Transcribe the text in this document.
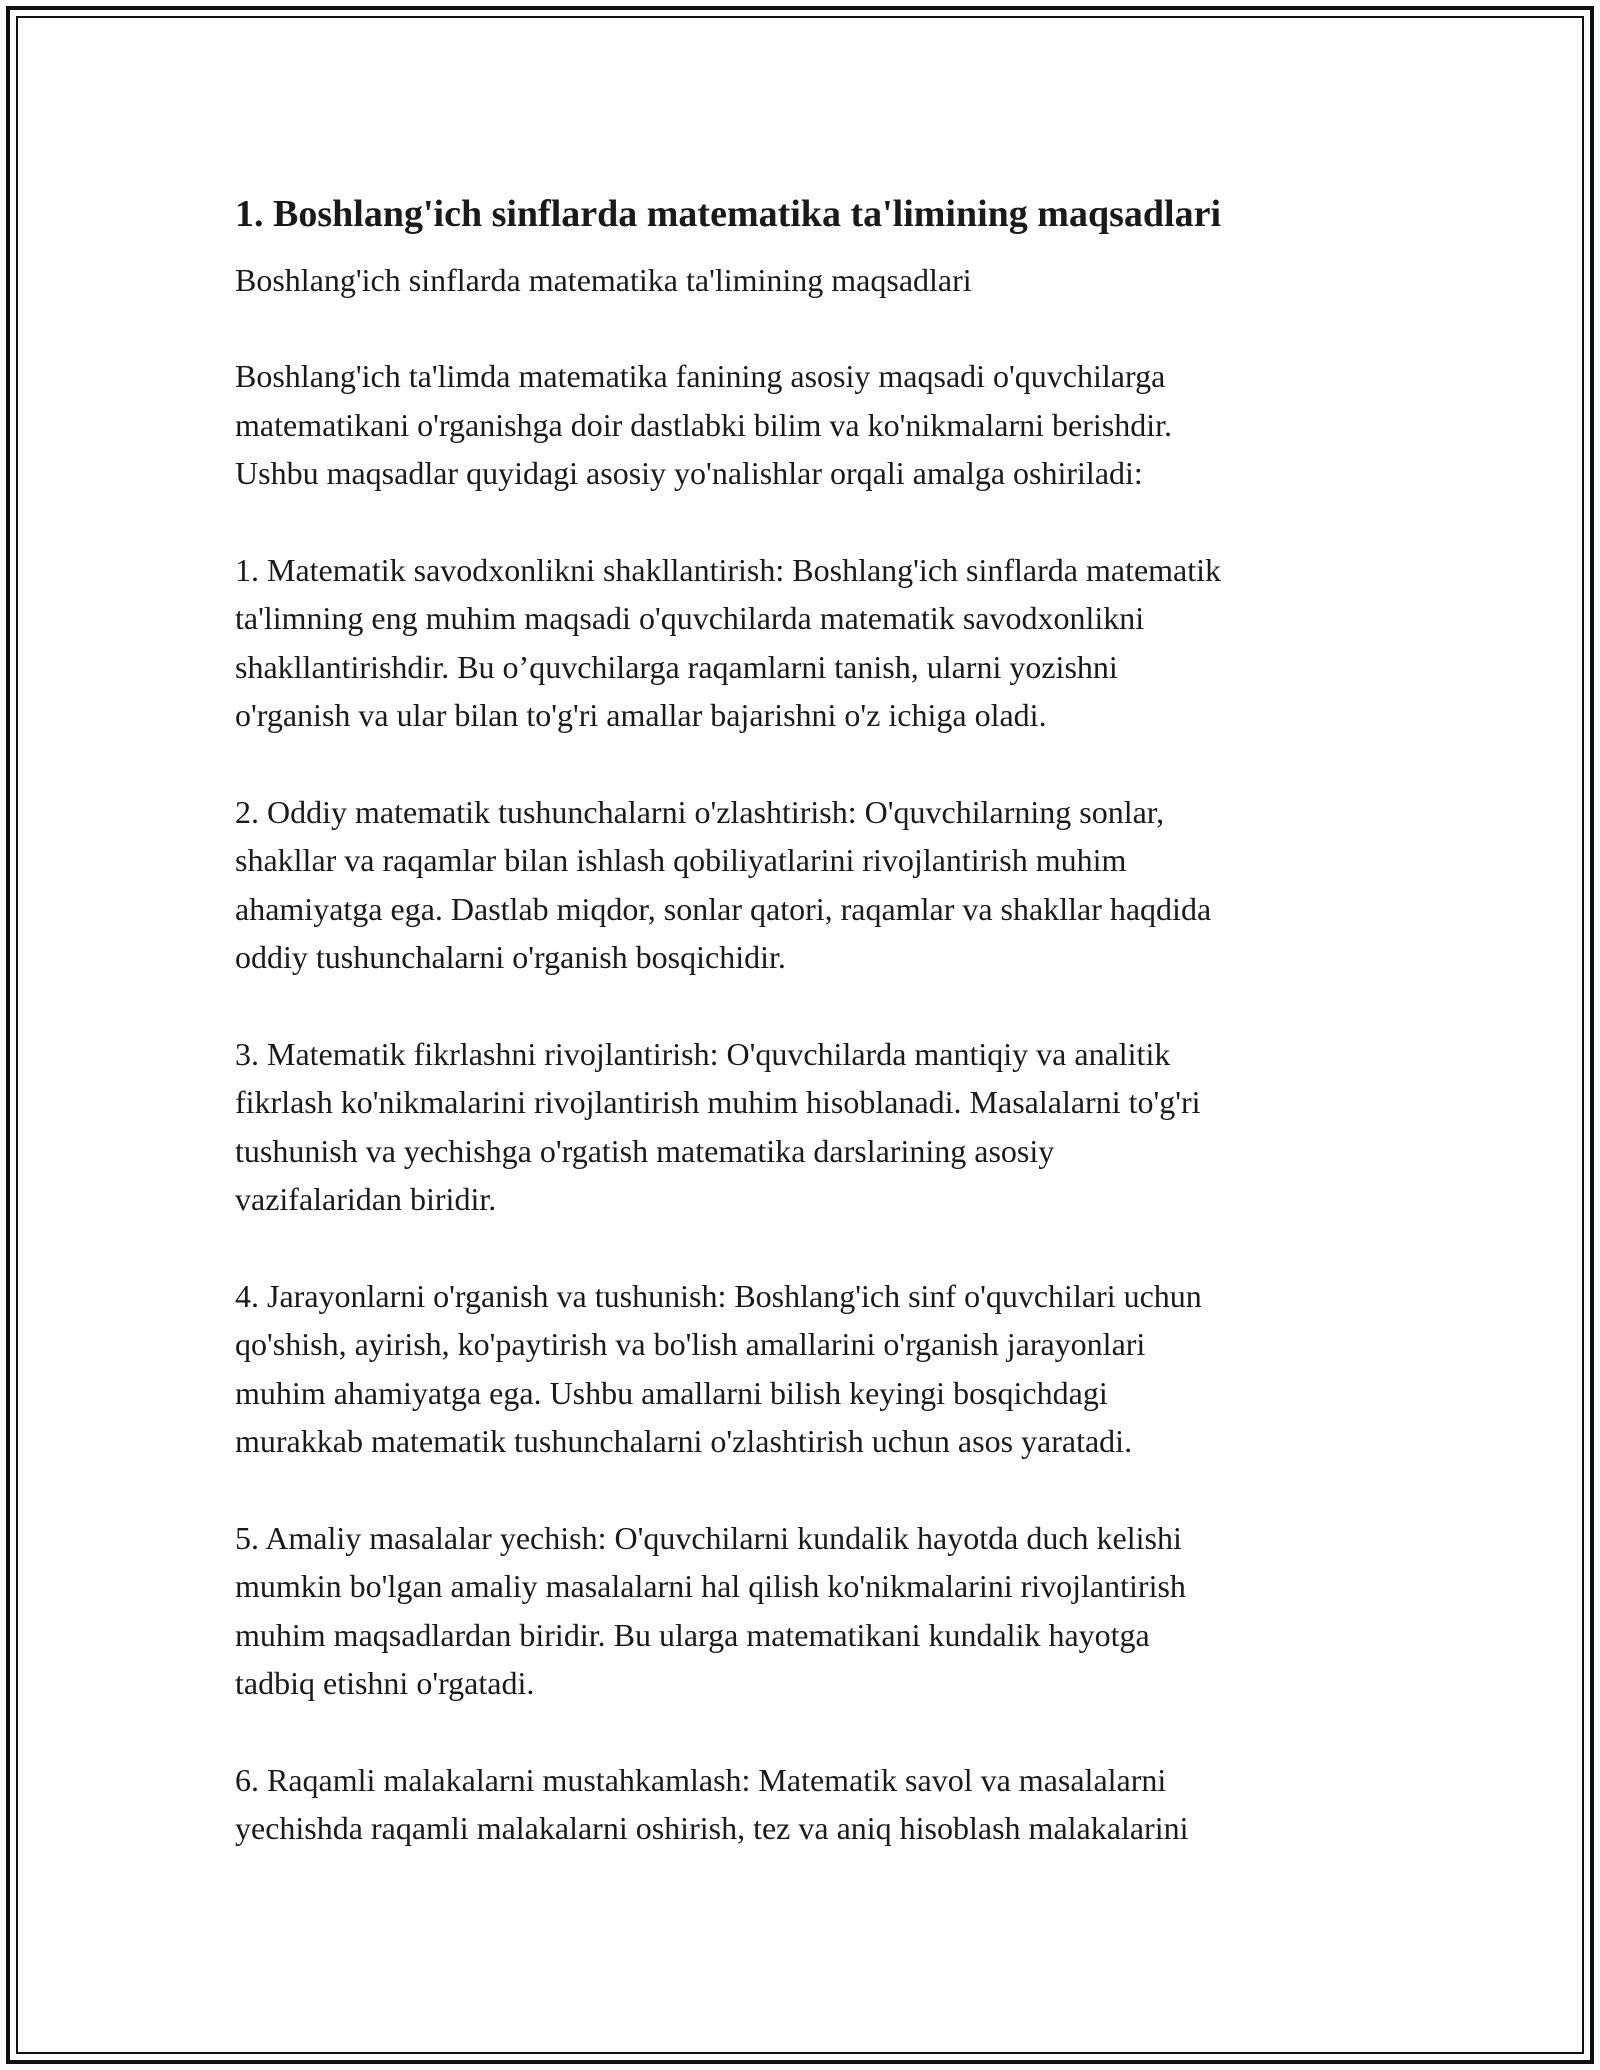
1. Boshlang'ich sinflarda matematika ta'limining maqsadlari

Boshlang'ich sinflarda matematika ta'limining maqsadlari

Boshlang'ich ta'limda matematika fanining asosiy maqsadi o'quvchilarga
matematikani o'rganishga doir dastlabki bilim va ko'nikmalarni berishdir.
Ushbu maqsadlar quyidagi asosiy yo'nalishlar orqali amalga oshiriladi:

1. Matematik savodxonlikni shakllantirish: Boshlang'ich sinflarda matematik
ta'limning eng muhim maqsadi o'quvchilarda matematik savodxonlikni
shakllantirishdir. Bu o’quvchilarga raqamlarni tanish, ularni yozishni
o'rganish va ular bilan to'g'ri amallar bajarishni o'z ichiga oladi.

2. Oddiy matematik tushunchalarni o'zlashtirish: O'quvchilarning sonlar,
shakllar va raqamlar bilan ishlash qobiliyatlarini rivojlantirish muhim
ahamiyatga ega. Dastlab miqdor, sonlar qatori, raqamlar va shakllar haqdida
oddiy tushunchalarni o'rganish bosqichidir.

3. Matematik fikrlashni rivojlantirish: O'quvchilarda mantiqiy va analitik
fikrlash ko'nikmalarini rivojlantirish muhim hisoblanadi. Masalalarni to'g'ri
tushunish va yechishga o'rgatish matematika darslarining asosiy
vazifalaridan biridir.

4. Jarayonlarni o'rganish va tushunish: Boshlang'ich sinf o'quvchilari uchun
qo'shish, ayirish, ko'paytirish va bo'lish amallarini o'rganish jarayonlari
muhim ahamiyatga ega. Ushbu amallarni bilish keyingi bosqichdagi
murakkab matematik tushunchalarni o'zlashtirish uchun asos yaratadi.

5. Amaliy masalalar yechish: O'quvchilarni kundalik hayotda duch kelishi
mumkin bo'lgan amaliy masalalarni hal qilish ko'nikmalarini rivojlantirish
muhim maqsadlardan biridir. Bu ularga matematikani kundalik hayotga
tadbiq etishni o'rgatadi.

6. Raqamli malakalarni mustahkamlash: Matematik savol va masalalarni
yechishda raqamli malakalarni oshirish, tez va aniq hisoblash malakalarini
